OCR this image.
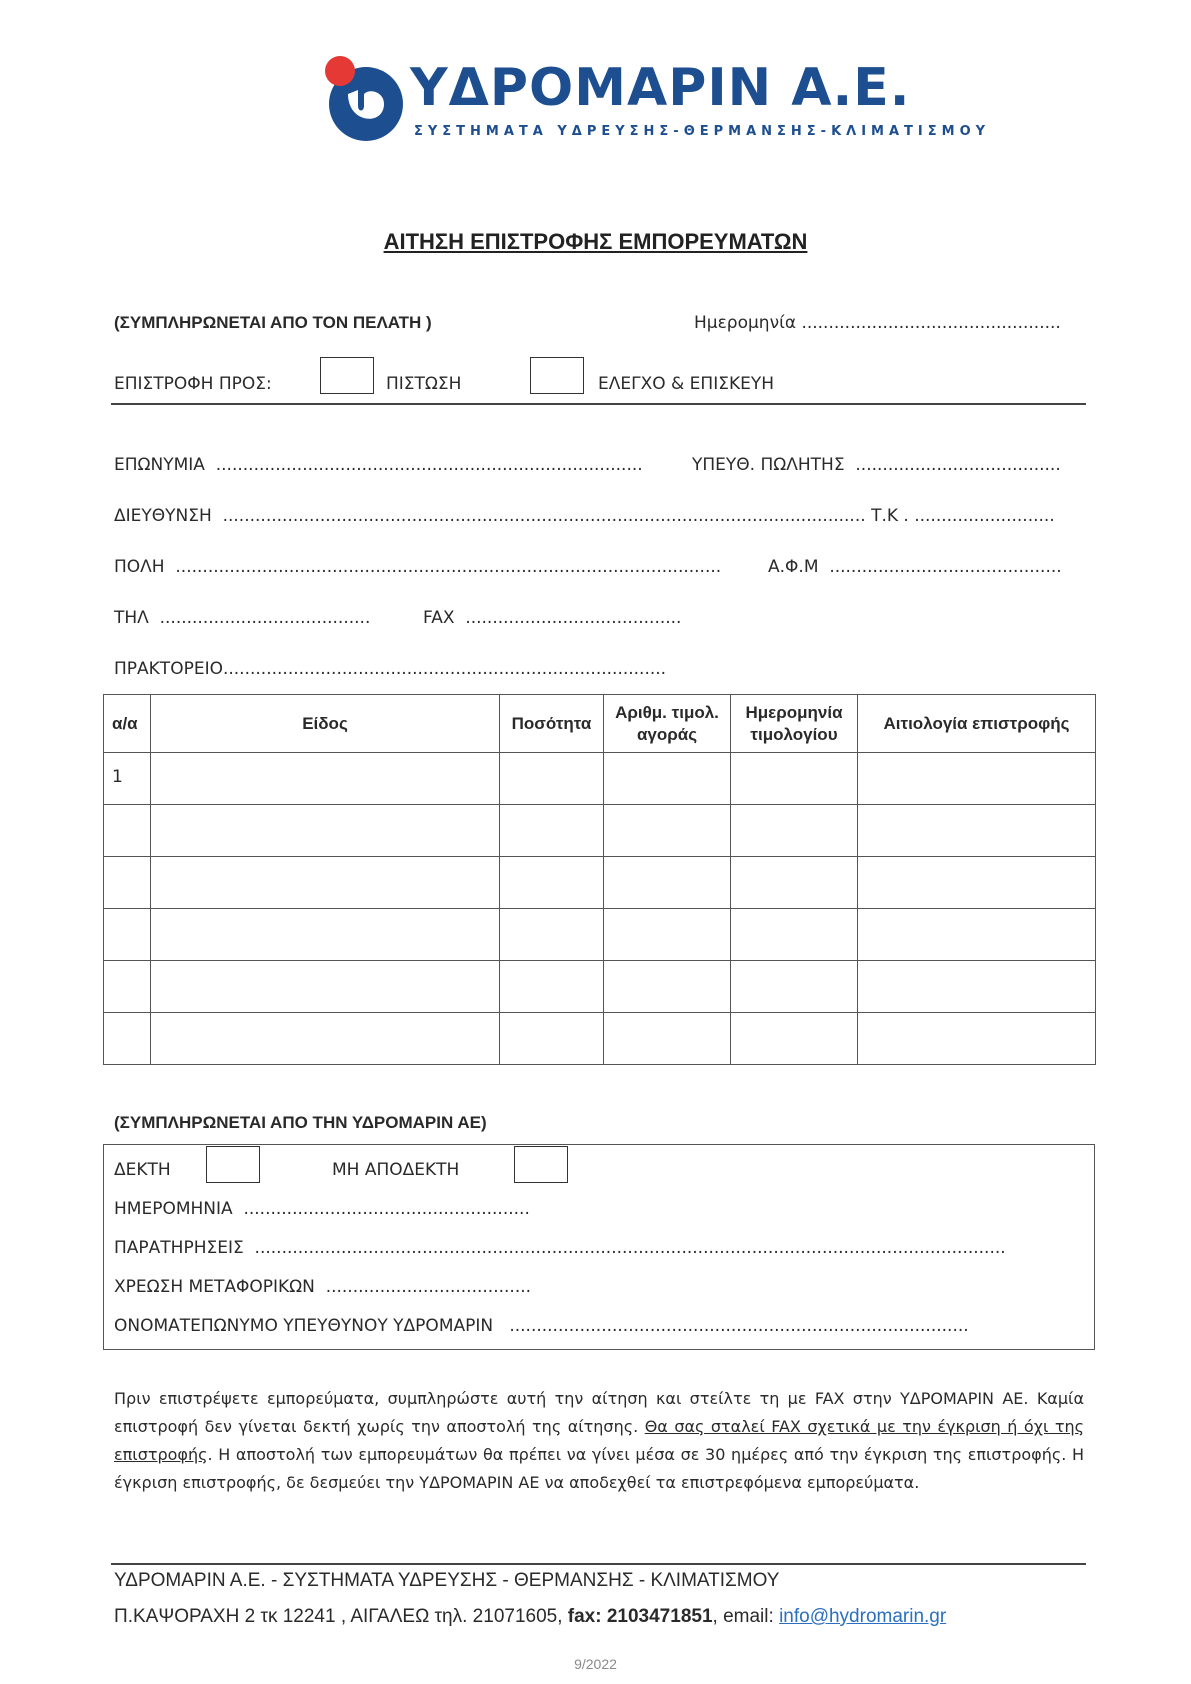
ΥΔΡΟΜΑΡΙΝ Α.Ε.
ΣΥΣΤΗΜΑΤΑ ΥΔΡΕΥΣΗΣ-ΘΕΡΜΑΝΣΗΣ-ΚΛΙΜΑΤΙΣΜΟΥ
ΑΙΤΗΣΗ ΕΠΙΣΤΡΟΦΗΣ ΕΜΠΟΡΕΥΜΑΤΩΝ
(ΣΥΜΠΛΗΡΩΝΕΤΑΙ ΑΠΟ ΤΟΝ ΠΕΛΑΤΗ )	Ημερομηνία ................................................
ΕΠΙΣΤΡΟΦΗ ΠΡΟΣ:	ΠΙΣΤΩΣΗ	ΕΛΕΓΧΟ & ΕΠΙΣΚΕΥΗ
ΕΠΩΝΥΜΙΑ ...............................................................................	ΥΠΕΥΘ. ΠΩΛΗΤΗΣ ......................................
ΔΙΕΥΘΥΝΣΗ ....................................................................................................................... Τ.Κ . ..........................
ΠΟΛΗ .....................................................................................................	Α.Φ.Μ ...........................................
ΤΗΛ .......................................	FAX ........................................
ΠΡΑΚΤΟΡΕΙΟ..................................................................................
α/α	Είδος	Ποσότητα	Αριθμ. τιμολ. αγοράς	Ημερομηνία τιμολογίου	Αιτιολογία επιστροφής
1					

(ΣΥΜΠΛΗΡΩΝΕΤΑΙ ΑΠΟ ΤΗΝ ΥΔΡΟΜΑΡΙΝ ΑΕ)
ΔΕΚΤΗ	ΜΗ ΑΠΟΔΕΚΤΗ
ΗΜΕΡΟΜΗΝΙΑ .....................................................
ΠΑΡΑΤΗΡΗΣΕΙΣ ...........................................................................................................................................
ΧΡΕΩΣΗ ΜΕΤΑΦΟΡΙΚΩΝ ......................................
ΟΝΟΜΑΤΕΠΩΝΥΜΟ ΥΠΕΥΘΥΝΟΥ ΥΔΡΟΜΑΡΙΝ .....................................................................................
Πριν επιστρέψετε εμπορεύματα, συμπληρώστε αυτή την αίτηση και στείλτε τη με FAX στην ΥΔΡΟΜΑΡΙΝ ΑΕ. Καμία επιστροφή δεν γίνεται δεκτή χωρίς την αποστολή της αίτησης. Θα σας σταλεί FAX σχετικά με την έγκριση ή όχι της επιστροφής. Η αποστολή των εμπορευμάτων θα πρέπει να γίνει μέσα σε 30 ημέρες από την έγκριση της επιστροφής. Η έγκριση επιστροφής, δε δεσμεύει την ΥΔΡΟΜΑΡΙΝ ΑΕ να αποδεχθεί τα επιστρεφόμενα εμπορεύματα.
ΥΔΡΟΜΑΡΙΝ Α.Ε. - ΣΥΣΤΗΜΑΤΑ ΥΔΡΕΥΣΗΣ - ΘΕΡΜΑΝΣΗΣ - ΚΛΙΜΑΤΙΣΜΟΥ
Π.ΚΑΨΟΡΑΧΗ 2 τκ 12241 , ΑΙΓΑΛΕΩ τηλ. 21071605, fax: 2103471851, email: info@hydromarin.gr
9/2022
